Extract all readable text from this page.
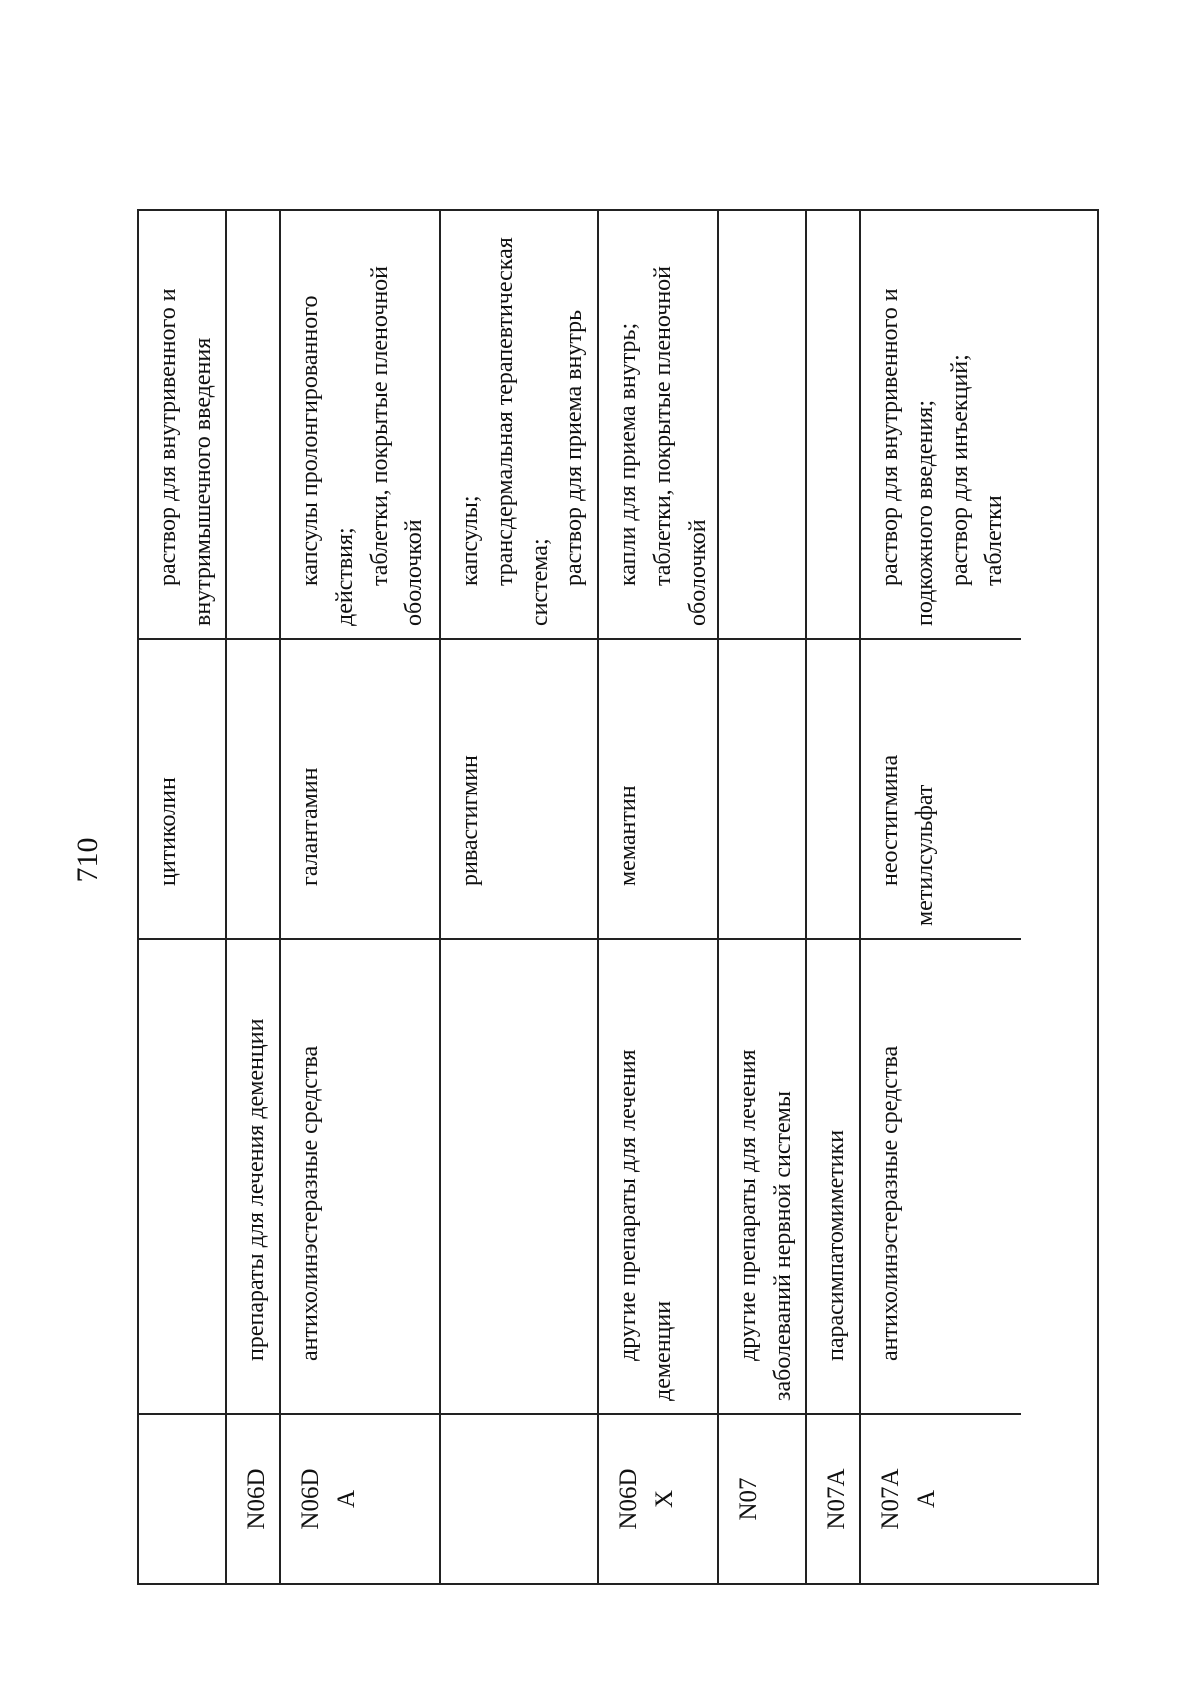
710 цитиколин
раствор для внутривенного и внутримышечного введения
N06D
препараты для лечения деменции
N06D A
антихолинэстеразные средства
галантамин
капсулы пролонгированного действия; таблетки, покрытые пленочной оболочкой
ривастигмин
капсулы; трансдермальная терапевтическая система; раствор для приема внутрь
N06D X
другие препараты для лечения деменции
мемантин
капли для приема внутрь; таблетки, покрытые пленочной оболочкой
N07
другие препараты для лечения заболеваний нервной системы
N07A
парасимпатомиметики
N07A A
антихолинэстеразные средства
неостигмина метилсульфат
раствор для внутривенного и подкожного введения; раствор для инъекций; таблетки
